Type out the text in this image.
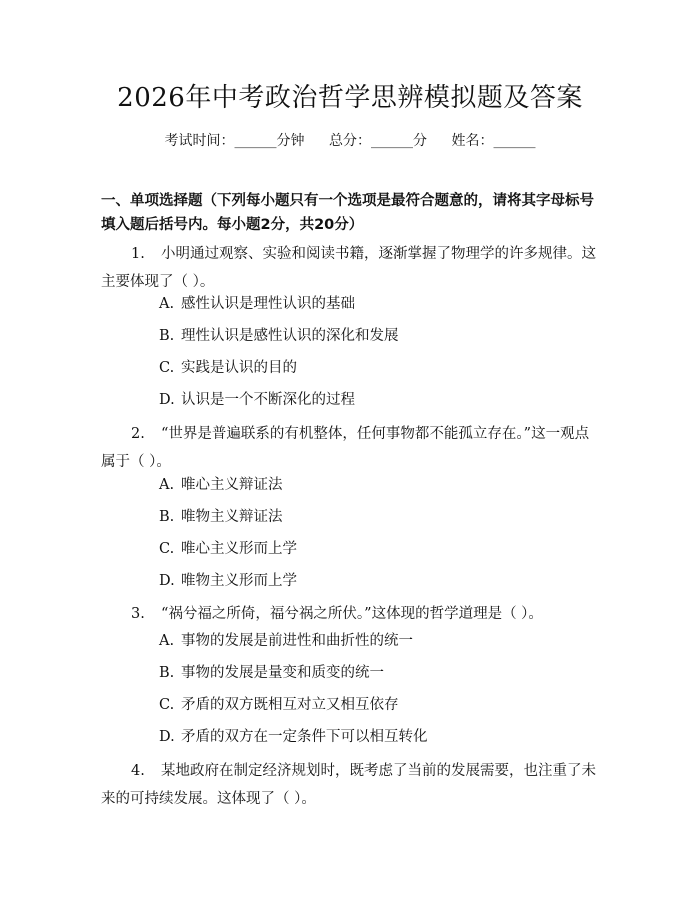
2026年中考政治哲学思辨模拟题及答案
考试时间：______分钟 总分：______分 姓名：______
一、单项选择题（下列每小题只有一个选项是最符合题意的，请将其字母标号填入题后括号内。每小题2分，共20分）
1. 小明通过观察、实验和阅读书籍，逐渐掌握了物理学的许多规律。这主要体现了（ ）。
A. 感性认识是理性认识的基础
B. 理性认识是感性认识的深化和发展
C. 实践是认识的目的
D. 认识是一个不断深化的过程
2. “世界是普遍联系的有机整体，任何事物都不能孤立存在。”这一观点属于（ ）。
A. 唯心主义辩证法
B. 唯物主义辩证法
C. 唯心主义形而上学
D. 唯物主义形而上学
3. “祸兮福之所倚，福兮祸之所伏。”这体现的哲学道理是（ ）。
A. 事物的发展是前进性和曲折性的统一
B. 事物的发展是量变和质变的统一
C. 矛盾的双方既相互对立又相互依存
D. 矛盾的双方在一定条件下可以相互转化
4. 某地政府在制定经济规划时，既考虑了当前的发展需要，也注重了未来的可持续发展。这体现了（ ）。
